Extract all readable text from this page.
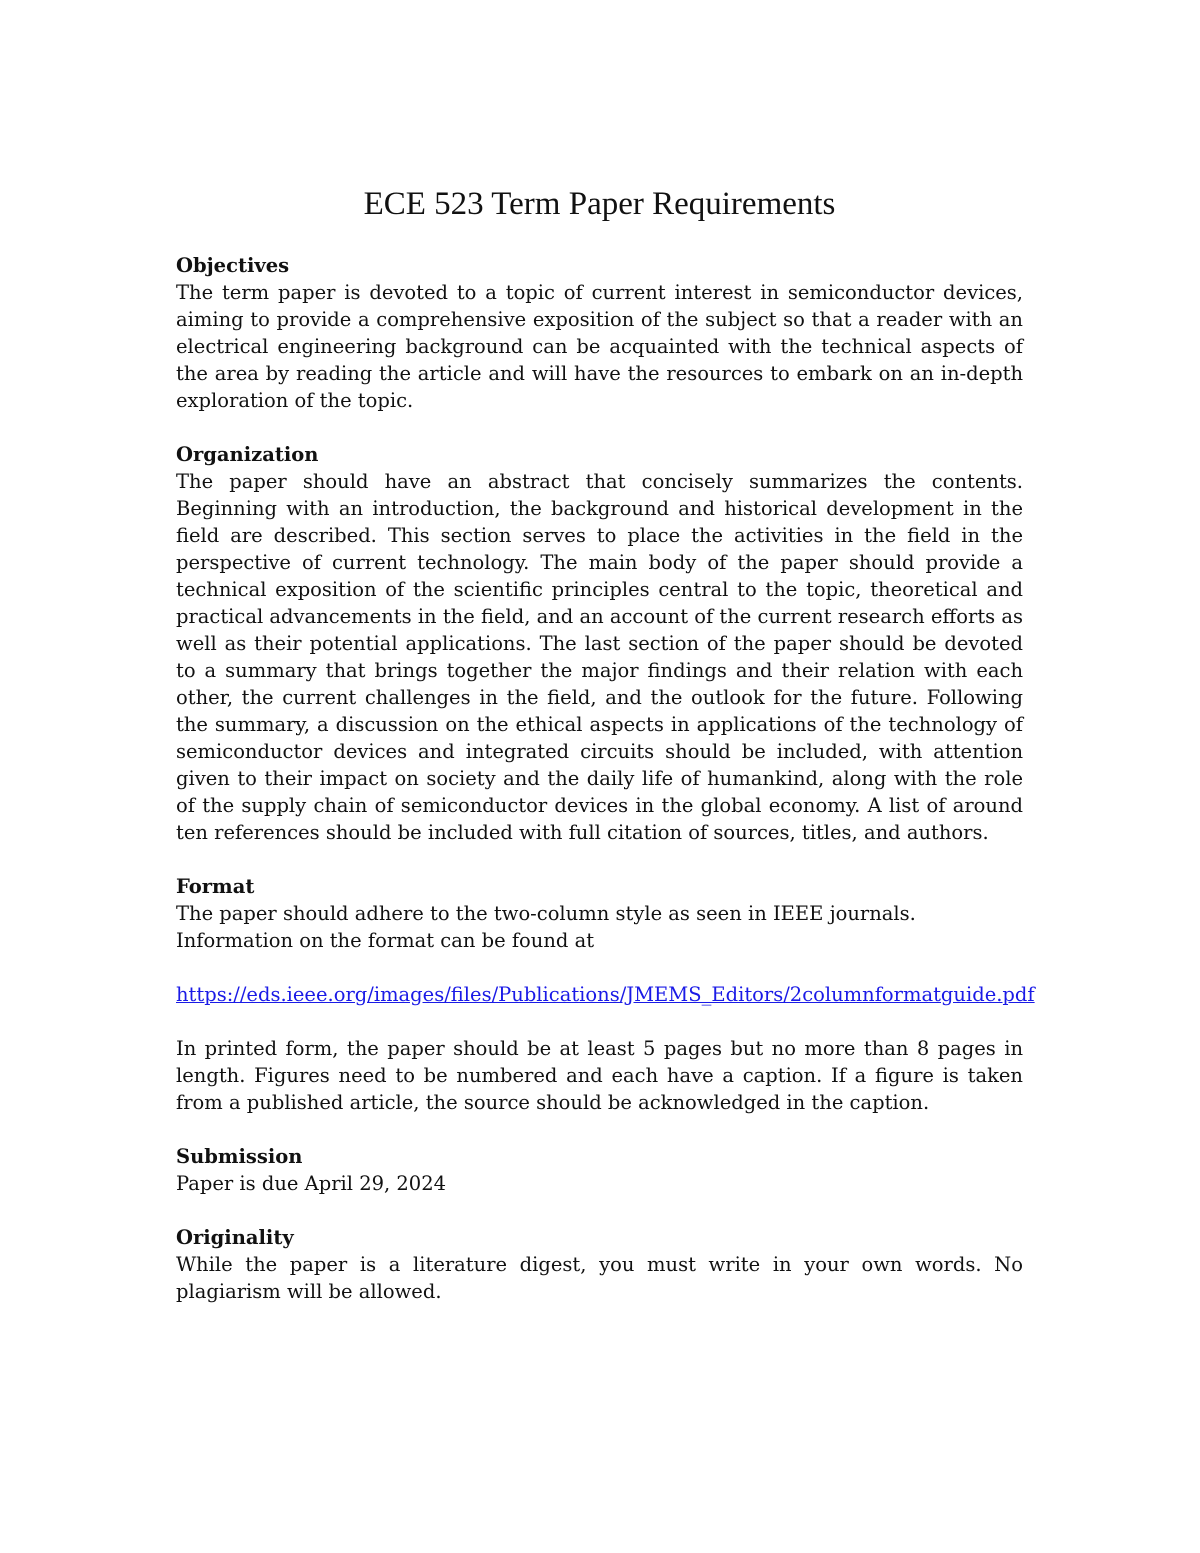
ECE 523 Term Paper Requirements

Objectives

The term paper is devoted to a topic of current interest in semiconductor devices, aiming to provide a comprehensive exposition of the subject so that a reader with an electrical engineering background can be acquainted with the technical aspects of the area by reading the article and will have the resources to embark on an in-depth exploration of the topic.

Organization

The paper should have an abstract that concisely summarizes the contents. Beginning with an introduction, the background and historical development in the field are described. This section serves to place the activities in the field in the perspective of current technology. The main body of the paper should provide a technical exposition of the scientific principles central to the topic, theoretical and practical advancements in the field, and an account of the current research efforts as well as their potential applications. The last section of the paper should be devoted to a summary that brings together the major findings and their relation with each other, the current challenges in the field, and the outlook for the future. Following the summary, a discussion on the ethical aspects in applications of the technology of semiconductor devices and integrated circuits should be included, with attention given to their impact on society and the daily life of humankind, along with the role of the supply chain of semiconductor devices in the global economy. A list of around ten references should be included with full citation of sources, titles, and authors.

Format

The paper should adhere to the two-column style as seen in IEEE journals. Information on the format can be found at

https://eds.ieee.org/images/files/Publications/JMEMS_Editors/2columnformatguide.pdf

In printed form, the paper should be at least 5 pages but no more than 8 pages in length. Figures need to be numbered and each have a caption. If a figure is taken from a published article, the source should be acknowledged in the caption.

Submission

Paper is due April 29, 2024

Originality

While the paper is a literature digest, you must write in your own words. No plagiarism will be allowed.
